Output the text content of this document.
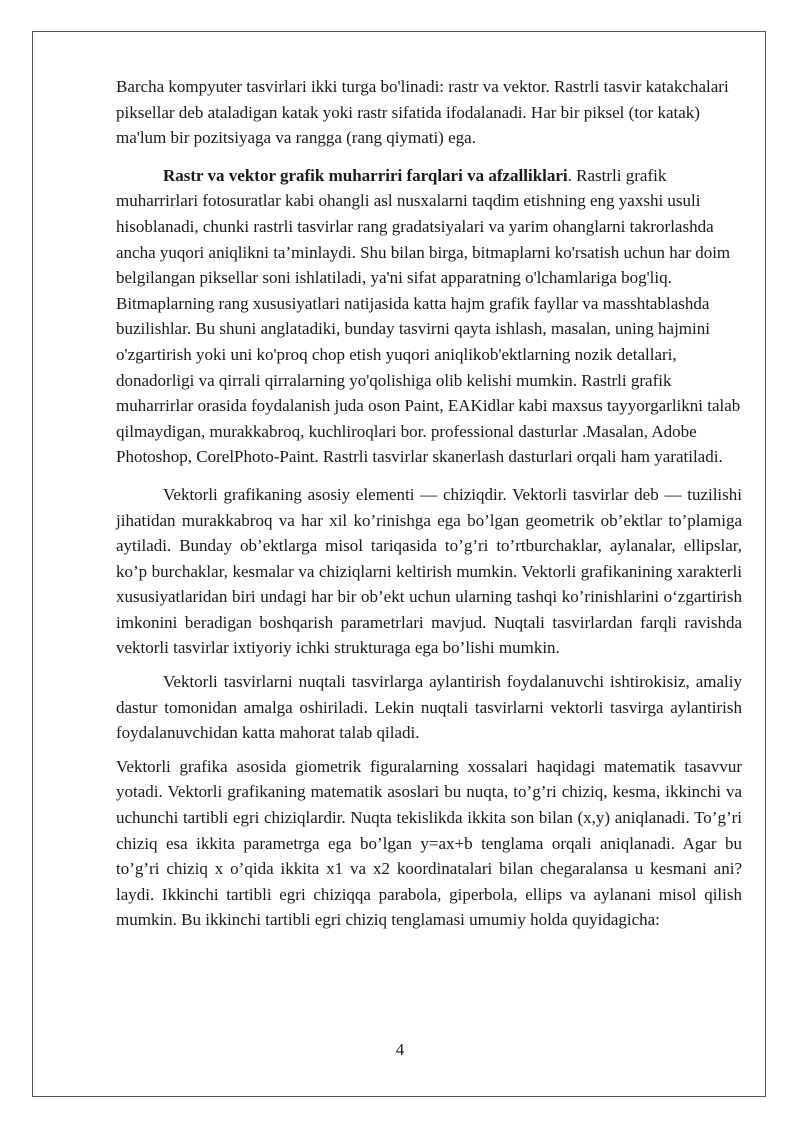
Barcha kompyuter tasvirlari ikki turga bo'linadi: rastr va vektor. Rastrli tasvir katakchalari piksellar deb ataladigan katak yoki rastr sifatida ifodalanadi. Har bir piksel (tor katak) ma'lum bir pozitsiyaga va rangga (rang qiymati) ega.

Rastr va vektor grafik muharriri farqlari va afzalliklari. Rastrli grafik muharrirlari fotosuratlar kabi ohangli asl nusxalarni taqdim etishning eng yaxshi usuli hisoblanadi, chunki rastrli tasvirlar rang gradatsiyalari va yarim ohanglarni takrorlashda ancha yuqori aniqlikni ta’minlaydi. Shu bilan birga, bitmaplarni ko'rsatish uchun har doim belgilangan piksellar soni ishlatiladi, ya'ni sifat apparatning o'lchamlariga bog'liq. Bitmaplarning rang xususiyatlari natijasida katta hajm grafik fayllar va masshtablashda buzilishlar. Bu shuni anglatadiki, bunday tasvirni qayta ishlash, masalan, uning hajmini o'zgartirish yoki uni ko'proq chop etish yuqori aniqlikob'ektlarning nozik detallari, donadorligi va qirrali qirralarning yo'qolishiga olib kelishi mumkin. Rastrli grafik muharrirlar orasida foydalanish juda oson Paint, EAKidlar kabi maxsus tayyorgarlikni talab qilmaydigan, murakkabroq, kuchliroqlari bor. professional dasturlar .Masalan, Adobe Photoshop, CorelPhoto-Paint. Rastrli tasvirlar skanerlash dasturlari orqali ham yaratiladi.

Vektorli grafikaning asosiy elementi — chiziqdir. Vektorli tasvirlar deb — tuzilishi jihatidan murakkabroq va har xil ko’rinishga ega bo’lgan geometrik ob’ektlar to’plamiga aytiladi. Bunday ob’ektlarga misol tariqasida to’g’ri to’rtburchaklar, aylanalar, ellipslar, ko’p burchaklar, kesmalar va chiziqlarni keltirish mumkin. Vektorli grafikanining xarakterli xususiyatlaridan biri undagi har bir ob’ekt uchun ularning tashqi ko’rinishlarini o‘zgartirish imkonini beradigan boshqarish parametrlari mavjud. Nuqtali tasvirlardan farqli ravishda vektorli tasvirlar ixtiyoriy ichki strukturaga ega bo’lishi mumkin.

Vektorli tasvirlarni nuqtali tasvirlarga aylantirish foydalanuvchi ishtirokisiz, amaliy dastur tomonidan amalga oshiriladi. Lekin nuqtali tasvirlarni vektorli tasvirga aylantirish foydalanuvchidan katta mahorat talab qiladi.

Vektorli grafika asosida giometrik figuralarning xossalari haqidagi matematik tasavvur yotadi. Vektorli grafikaning matematik asoslari bu nuqta, to’g’ri chiziq, kesma, ikkinchi va uchunchi tartibli egri chiziqlardir. Nuqta tekislikda ikkita son bilan (x,y) aniqlanadi. To’g’ri chiziq esa ikkita parametrga ega bo’lgan y=ax+b tenglama orqali aniqlanadi. Agar bu to’g’ri chiziq x o’qida ikkita x1 va x2 koordinatalari bilan chegaralansa u kesmani ani?laydi. Ikkinchi tartibli egri chiziqqa parabola, giperbola, ellips va aylanani misol qilish mumkin. Bu ikkinchi tartibli egri chiziq tenglamasi umumiy holda quyidagicha:

4
